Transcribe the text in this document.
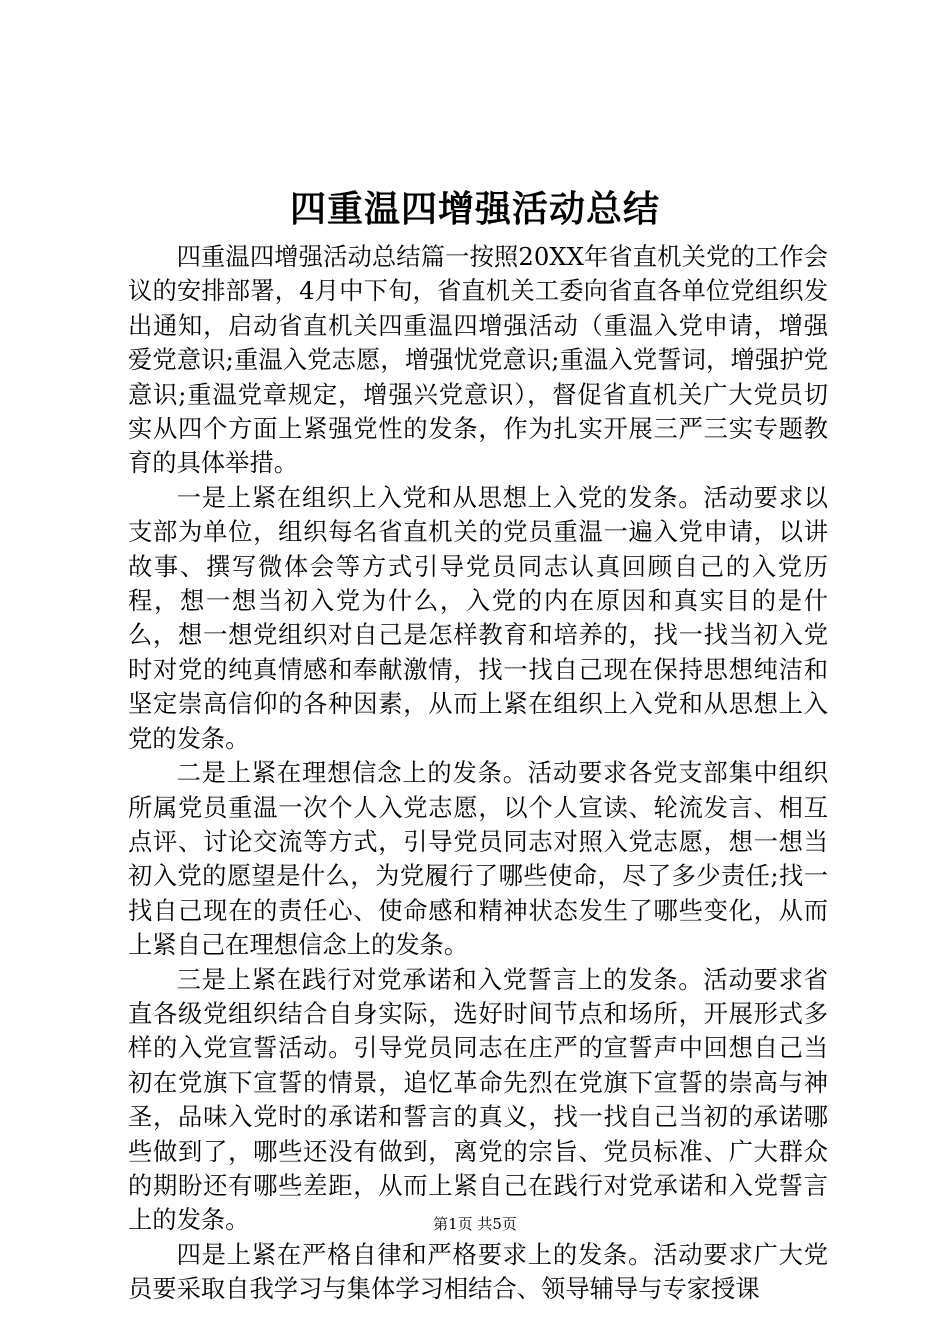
四重温四增强活动总结

四重温四增强活动总结篇一按照20XX年省直机关党的工作会议的安排部署，4月中下旬，省直机关工委向省直各单位党组织发出通知，启动省直机关四重温四增强活动（重温入党申请，增强爱党意识;重温入党志愿，增强忧党意识;重温入党誓词，增强护党意识;重温党章规定，增强兴党意识），督促省直机关广大党员切实从四个方面上紧强党性的发条，作为扎实开展三严三实专题教育的具体举措。

一是上紧在组织上入党和从思想上入党的发条。活动要求以支部为单位，组织每名省直机关的党员重温一遍入党申请，以讲故事、撰写微体会等方式引导党员同志认真回顾自己的入党历程，想一想当初入党为什么，入党的内在原因和真实目的是什么，想一想党组织对自己是怎样教育和培养的，找一找当初入党时对党的纯真情感和奉献激情，找一找自己现在保持思想纯洁和坚定崇高信仰的各种因素，从而上紧在组织上入党和从思想上入党的发条。

二是上紧在理想信念上的发条。活动要求各党支部集中组织所属党员重温一次个人入党志愿，以个人宣读、轮流发言、相互点评、讨论交流等方式，引导党员同志对照入党志愿，想一想当初入党的愿望是什么，为党履行了哪些使命，尽了多少责任;找一找自己现在的责任心、使命感和精神状态发生了哪些变化，从而上紧自己在理想信念上的发条。

三是上紧在践行对党承诺和入党誓言上的发条。活动要求省直各级党组织结合自身实际，选好时间节点和场所，开展形式多样的入党宣誓活动。引导党员同志在庄严的宣誓声中回想自己当初在党旗下宣誓的情景，追忆革命先烈在党旗下宣誓的崇高与神圣，品味入党时的承诺和誓言的真义，找一找自己当初的承诺哪些做到了，哪些还没有做到，离党的宗旨、党员标准、广大群众的期盼还有哪些差距，从而上紧自己在践行对党承诺和入党誓言上的发条。

四是上紧在严格自律和严格要求上的发条。活动要求广大党员要采取自我学习与集体学习相结合、领导辅导与专家授课

第1页 共5页
